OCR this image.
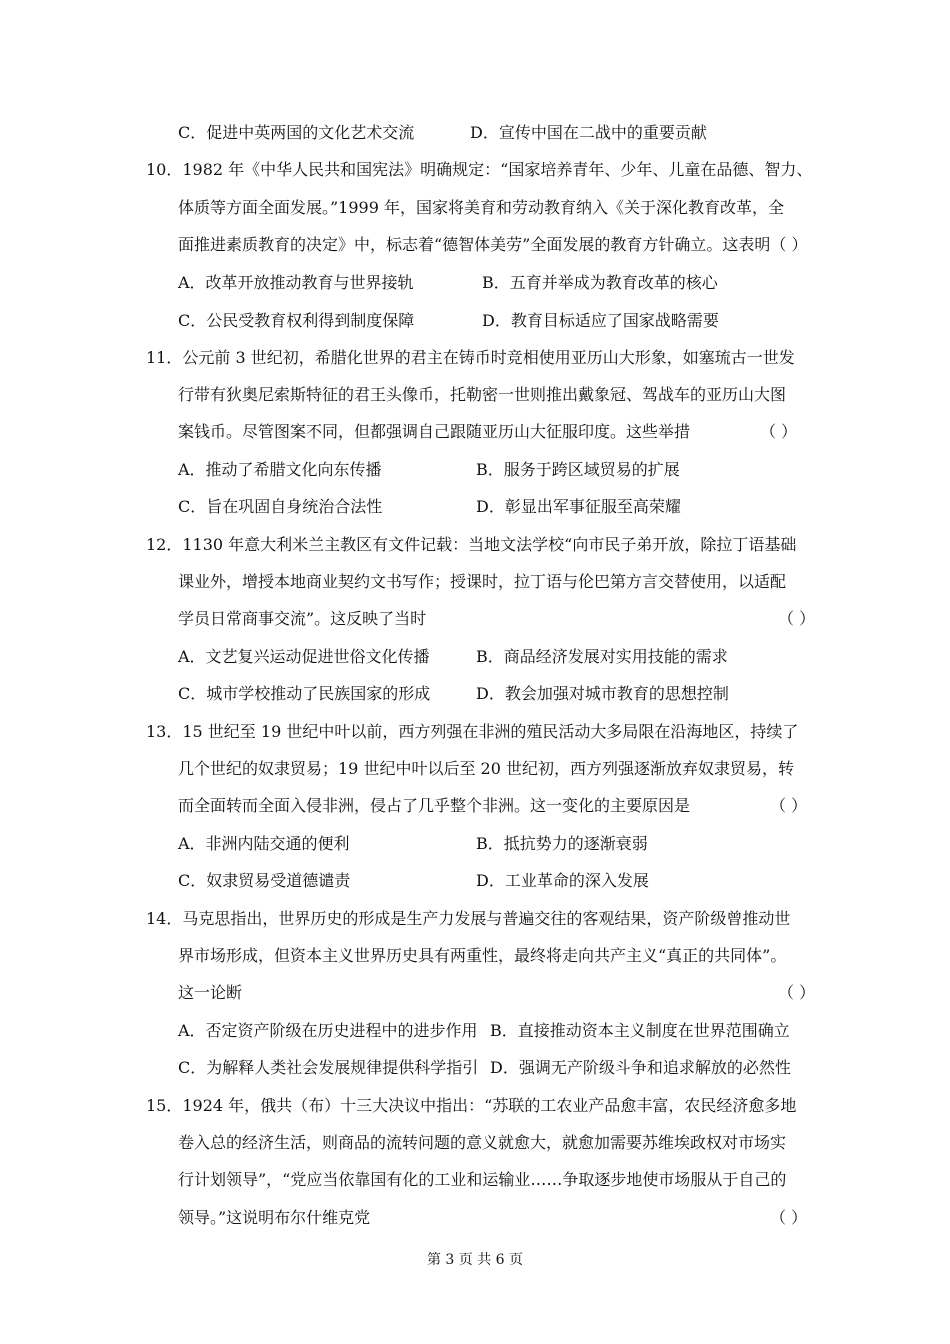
C．促进中英两国的文化艺术交流	D．宣传中国在二战中的重要贡献
10．1982 年《中华人民共和国宪法》明确规定：“国家培养青年、少年、儿童在品德、智力、
体质等方面全面发展。”1999 年，国家将美育和劳动教育纳入《关于深化教育改革，全
面推进素质教育的决定》中，标志着“德智体美劳”全面发展的教育方针确立。这表明（ ）
A．改革开放推动教育与世界接轨	B．五育并举成为教育改革的核心
C．公民受教育权利得到制度保障	D．教育目标适应了国家战略需要
11．公元前 3 世纪初，希腊化世界的君主在铸币时竞相使用亚历山大形象，如塞琉古一世发
行带有狄奥尼索斯特征的君王头像币，托勒密一世则推出戴象冠、驾战车的亚历山大图
案钱币。尽管图案不同，但都强调自己跟随亚历山大征服印度。这些举措	（ ）
A．推动了希腊文化向东传播	B．服务于跨区域贸易的扩展
C．旨在巩固自身统治合法性	D．彰显出军事征服至高荣耀
12．1130 年意大利米兰主教区有文件记载：当地文法学校“向市民子弟开放，除拉丁语基础
课业外，增授本地商业契约文书写作；授课时，拉丁语与伦巴第方言交替使用，以适配
学员日常商事交流”。这反映了当时	（ ）
A．文艺复兴运动促进世俗文化传播	B．商品经济发展对实用技能的需求
C．城市学校推动了民族国家的形成	D．教会加强对城市教育的思想控制
13．15 世纪至 19 世纪中叶以前，西方列强在非洲的殖民活动大多局限在沿海地区，持续了
几个世纪的奴隶贸易；19 世纪中叶以后至 20 世纪初，西方列强逐渐放弃奴隶贸易，转
而全面转而全面入侵非洲，侵占了几乎整个非洲。这一变化的主要原因是	（ ）
A．非洲内陆交通的便利	B．抵抗势力的逐渐衰弱
C．奴隶贸易受道德谴责	D．工业革命的深入发展
14．马克思指出，世界历史的形成是生产力发展与普遍交往的客观结果，资产阶级曾推动世
界市场形成，但资本主义世界历史具有两重性，最终将走向共产主义“真正的共同体”。
这一论断	（ ）
A．否定资产阶级在历史进程中的进步作用 B．直接推动资本主义制度在世界范围确立
C．为解释人类社会发展规律提供科学指引 D．强调无产阶级斗争和追求解放的必然性
15．1924 年，俄共（布）十三大决议中指出：“苏联的工农业产品愈丰富，农民经济愈多地
卷入总的经济生活，则商品的流转问题的意义就愈大，就愈加需要苏维埃政权对市场实
行计划领导”，“党应当依靠国有化的工业和运输业……争取逐步地使市场服从于自己的
领导。”这说明布尔什维克党	（ ）
第 3 页 共 6 页
